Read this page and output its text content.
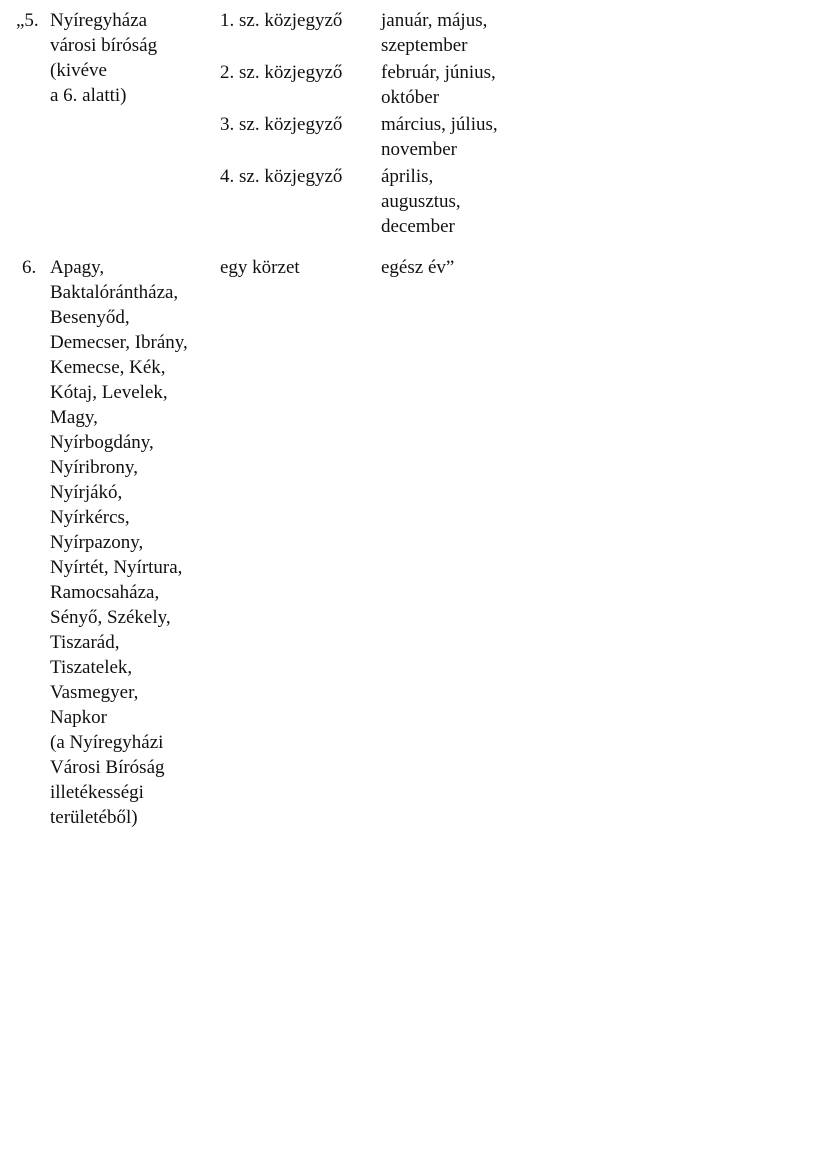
„5. Nyíregyháza
városi bíróság
(kivéve
a 6. alatti)
1. sz. közjegyző	január, május,
szeptember
2. sz. közjegyző	február, június,
október
3. sz. közjegyző	március, július,
november
4. sz. közjegyző	április,
augusztus,
december
6. Apagy,
Baktalórántháza,
Besenyőd,
Demecser, Ibrány,
Kemecse, Kék,
Kótaj, Levelek,
Magy,
Nyírbogdány,
Nyíribrony,
Nyírjákó,
Nyírkércs,
Nyírpazony,
Nyírtét, Nyírtura,
Ramocsaháza,
Sényő, Székely,
Tiszarád,
Tiszatelek,
Vasmegyer,
Napkor
(a Nyíregyházi
Városi Bíróság
illetékességi
területéből)
egy körzet	egész év”
